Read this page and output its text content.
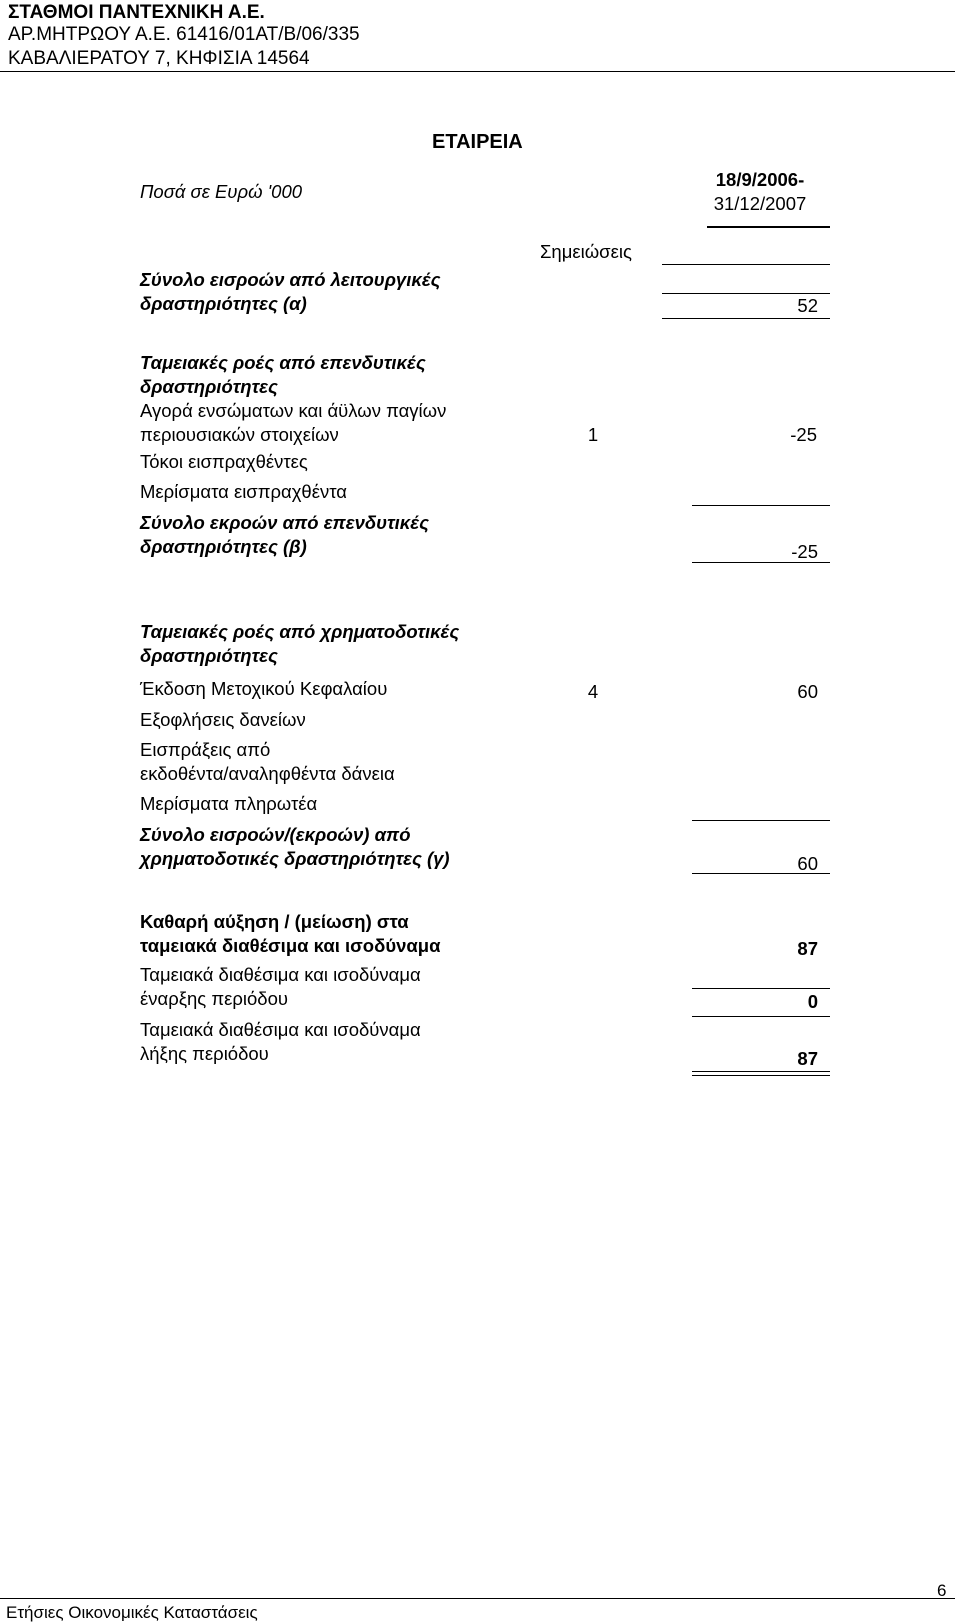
ΣΤΑΘΜΟΙ ΠΑΝΤΕΧΝΙΚΗ Α.Ε.
ΑΡ.ΜΗΤΡΩΟΥ Α.Ε. 61416/01ΑΤ/Β/06/335
ΚΑΒΑΛΙΕΡΑΤΟΥ 7, ΚΗΦΙΣΙΑ 14564
ΕΤΑΙΡΕΙΑ
Ποσά σε Ευρώ '000
18/9/2006-
31/12/2007
Σημειώσεις
Σύνολο εισροών από λειτουργικές
δραστηριότητες (α)	52
Ταμειακές ροές από επενδυτικές
δραστηριότητες
Αγορά ενσώματων και άϋλων παγίων
περιουσιακών στοιχείων	1	-25
Τόκοι εισπραχθέντες
Μερίσματα εισπραχθέντα
Σύνολο εκροών από επενδυτικές
δραστηριότητες (β)	-25
Ταμειακές ροές από χρηματοδοτικές
δραστηριότητες
Έκδοση Μετοχικού Κεφαλαίου	4	60
Εξοφλήσεις δανείων
Εισπράξεις από
εκδοθέντα/αναληφθέντα δάνεια
Μερίσματα πληρωτέα
Σύνολο εισροών/(εκροών) από
χρηματοδοτικές δραστηριότητες (γ)	60
Καθαρή αύξηση / (μείωση) στα
ταμειακά διαθέσιμα και ισοδύναμα	87
Ταμειακά διαθέσιμα και ισοδύναμα
έναρξης περιόδου	0
Ταμειακά διαθέσιμα και ισοδύναμα
λήξης περιόδου	87
6
Ετήσιες Οικονομικές Καταστάσεις
